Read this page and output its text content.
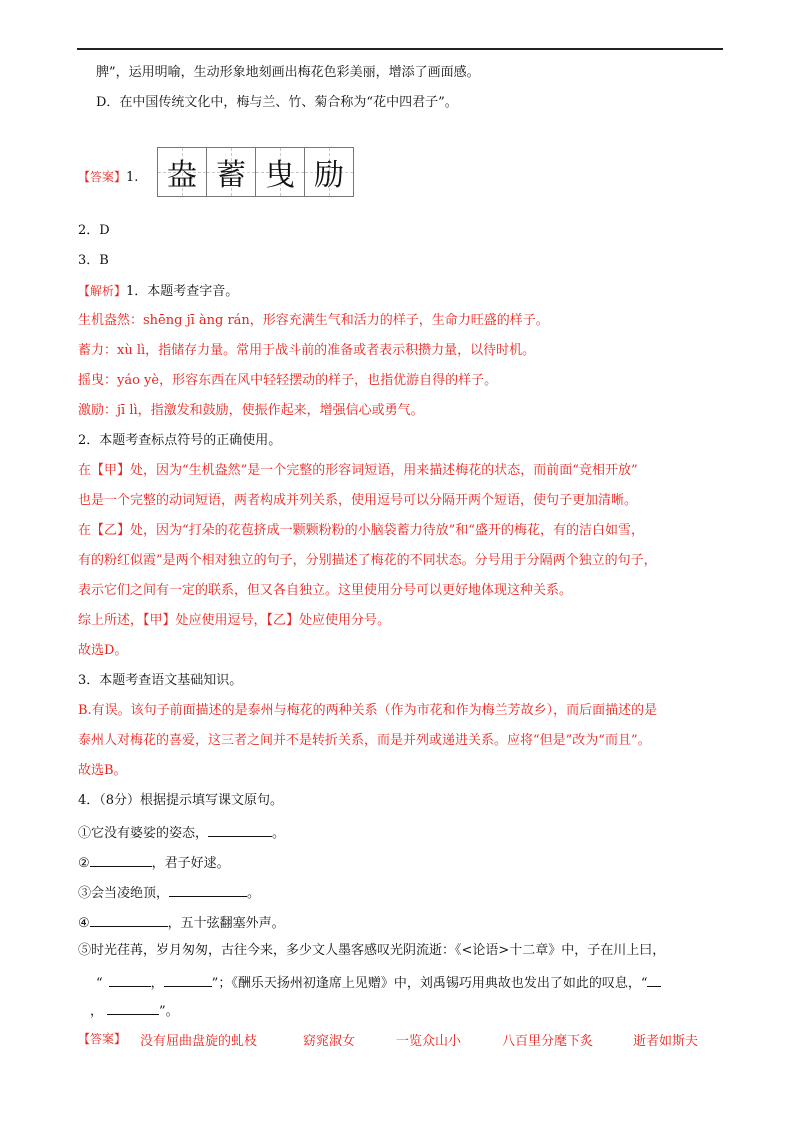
脾”，运用明喻，生动形象地刻画出梅花色彩美丽，增添了画面感。
D．在中国传统文化中，梅与兰、竹、菊合称为“花中四君子”。
【答案】1. 盎 蓄 曳 励
2．D
3．B
【解析】1．本题考查字音。
生机盎然：shēng jī àng rán，形容充满生气和活力的样子，生命力旺盛的样子。
蓄力：xù lì，指储存力量。常用于战斗前的准备或者表示积攒力量，以待时机。
摇曳：yáo yè，形容东西在风中轻轻摆动的样子，也指优游自得的样子。
激励：jī lì，指激发和鼓励，使振作起来，增强信心或勇气。
2．本题考查标点符号的正确使用。
在【甲】处，因为“生机盎然”是一个完整的形容词短语，用来描述梅花的状态，而前面“竞相开放”
也是一个完整的动词短语，两者构成并列关系，使用逗号可以分隔开两个短语，使句子更加清晰。
在【乙】处，因为“打朵的花苞挤成一颗颗粉粉的小脑袋蓄力待放”和“盛开的梅花，有的洁白如雪，
有的粉红似霞”是两个相对独立的句子，分别描述了梅花的不同状态。分号用于分隔两个独立的句子，
表示它们之间有一定的联系，但又各自独立。这里使用分号可以更好地体现这种关系。
综上所述，【甲】处应使用逗号，【乙】处应使用分号。
故选D。
3．本题考查语文基础知识。
B.有误。该句子前面描述的是泰州与梅花的两种关系（作为市花和作为梅兰芳故乡），而后面描述的是
泰州人对梅花的喜爱，这三者之间并不是转折关系，而是并列或递进关系。应将“但是”改为“而且”。
故选B。
4．（8分）根据提示填写课文原句。
①它没有婆娑的姿态，	。
②	，君子好逑。
③会当凌绝顶，	。
④	，五十弦翻塞外声。
⑤时光荏苒，岁月匆匆，古往今来，多少文人墨客感叹光阴流逝：《<论语>十二章》中，子在川上曰，
“	，	”；《酬乐天扬州初逢席上见赠》中，刘禹锡巧用典故也发出了如此的叹息，“
，	”。
【答案】 没有屈曲盘旋的虬枝	窈窕淑女	一览众山小	八百里分麾下炙	逝者如斯夫
